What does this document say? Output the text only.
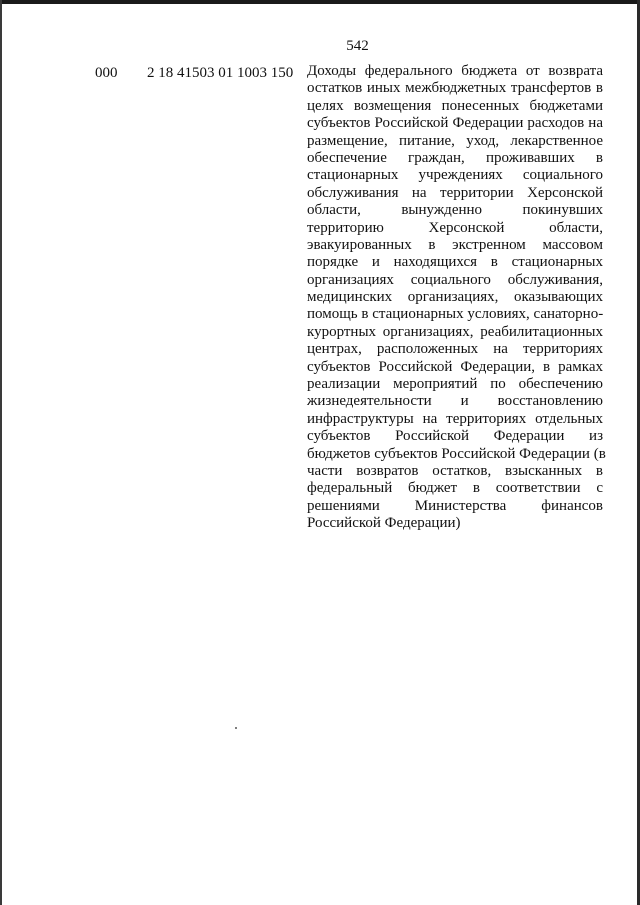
542
000 2 18 41503 01 1003 150 Доходы федерального бюджета от возврата
остатков иных межбюджетных трансфертов в
целях возмещения понесенных бюджетами
субъектов Российской Федерации расходов на
размещение, питание, уход, лекарственное
обеспечение граждан, проживавших в
стационарных учреждениях социального
обслуживания на территории Херсонской
области, вынужденно покинувших
территорию Херсонской области,
эвакуированных в экстренном массовом
порядке и находящихся в стационарных
организациях социального обслуживания,
медицинских организациях, оказывающих
помощь в стационарных условиях, санаторно-
курортных организациях, реабилитационных
центрах, расположенных на территориях
субъектов Российской Федерации, в рамках
реализации мероприятий по обеспечению
жизнедеятельности и восстановлению
инфраструктуры на территориях отдельных
субъектов Российской Федерации из
бюджетов субъектов Российской Федерации (в
части возвратов остатков, взысканных в
федеральный бюджет в соответствии с
решениями Министерства финансов
Российской Федерации)
